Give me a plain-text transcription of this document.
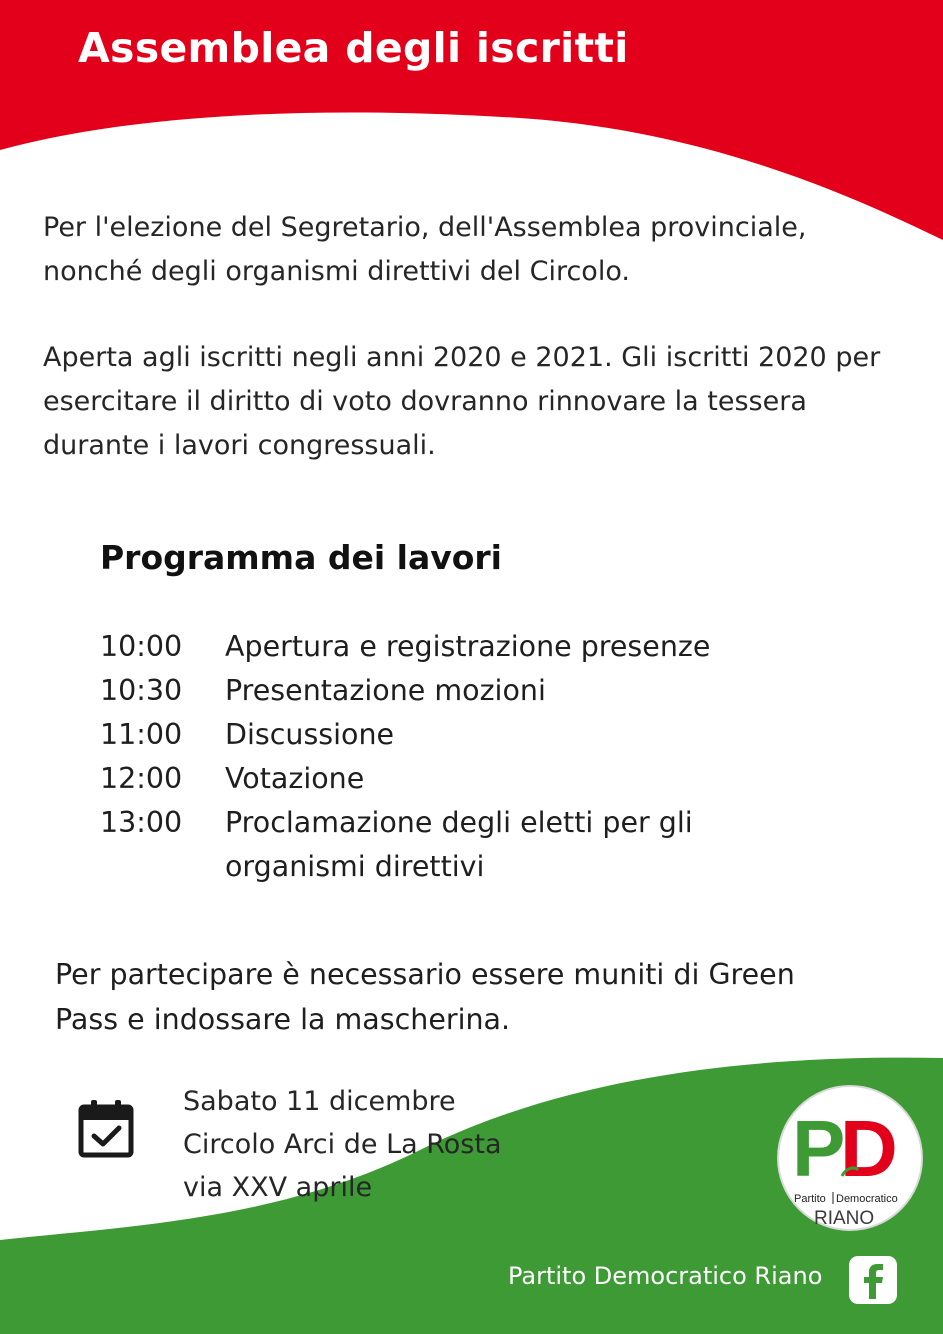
Assemblea degli iscritti

Per l'elezione del Segretario, dell'Assemblea provinciale, nonché degli organismi direttivi del Circolo.

Aperta agli iscritti negli anni 2020 e 2021. Gli iscritti 2020 per esercitare il diritto di voto dovranno rinnovare la tessera durante i lavori congressuali.

Programma dei lavori
10:00	Apertura e registrazione presenze
10:30	Presentazione mozioni
11:00	Discussione
12:00	Votazione
13:00	Proclamazione degli eletti per gli organismi direttivi
Per partecipare è necessario essere muniti di Green Pass e indossare la mascherina.
Sabato 11 dicembre
Circolo Arci de La Rosta
via XXV aprile	P
D
Partito Democratico
RIANO
Partito Democratico Riano
